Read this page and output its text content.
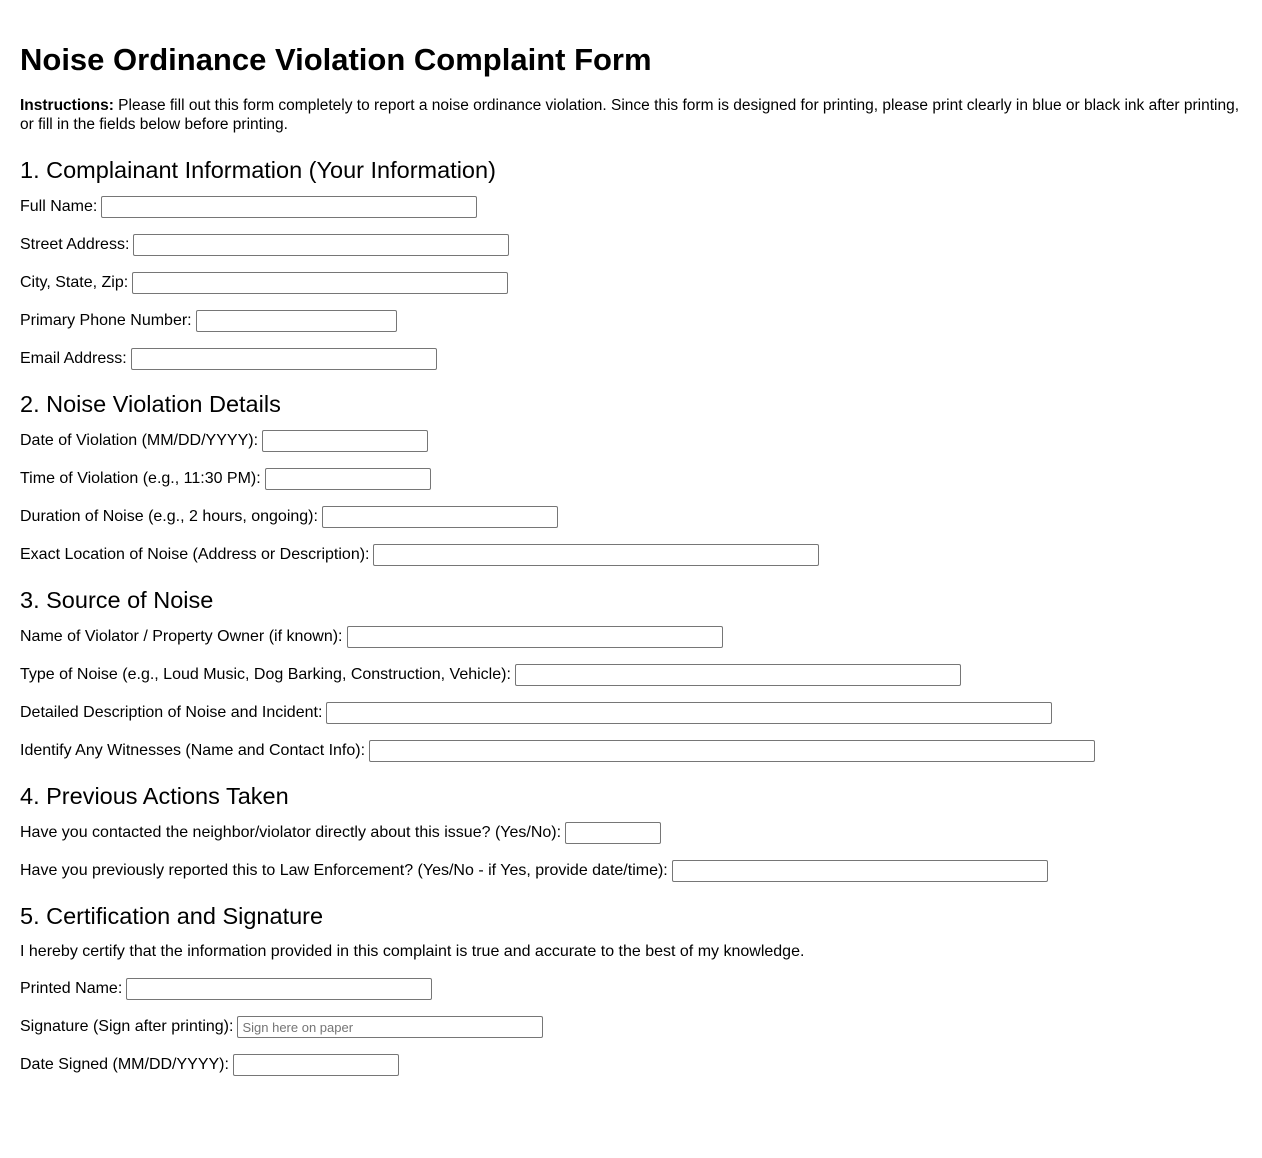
Noise Ordinance Violation Complaint Form

Instructions: Please fill out this form completely to report a noise ordinance violation. Since this form is designed for printing, please print clearly in blue or black ink after printing, or fill in the fields below before printing.

1. Complainant Information (Your Information)
Full Name:
Street Address:
City, State, Zip:
Primary Phone Number:
Email Address:
2. Noise Violation Details
Date of Violation (MM/DD/YYYY):
Time of Violation (e.g., 11:30 PM):
Duration of Noise (e.g., 2 hours, ongoing):
Exact Location of Noise (Address or Description):
3. Source of Noise
Name of Violator / Property Owner (if known):
Type of Noise (e.g., Loud Music, Dog Barking, Construction, Vehicle):
Detailed Description of Noise and Incident:
Identify Any Witnesses (Name and Contact Info):
4. Previous Actions Taken
Have you contacted the neighbor/violator directly about this issue? (Yes/No):
Have you previously reported this to Law Enforcement? (Yes/No - if Yes, provide date/time):
5. Certification and Signature
I hereby certify that the information provided in this complaint is true and accurate to the best of my knowledge.
Printed Name:
Signature (Sign after printing):
Sign here on paper
Date Signed (MM/DD/YYYY):
